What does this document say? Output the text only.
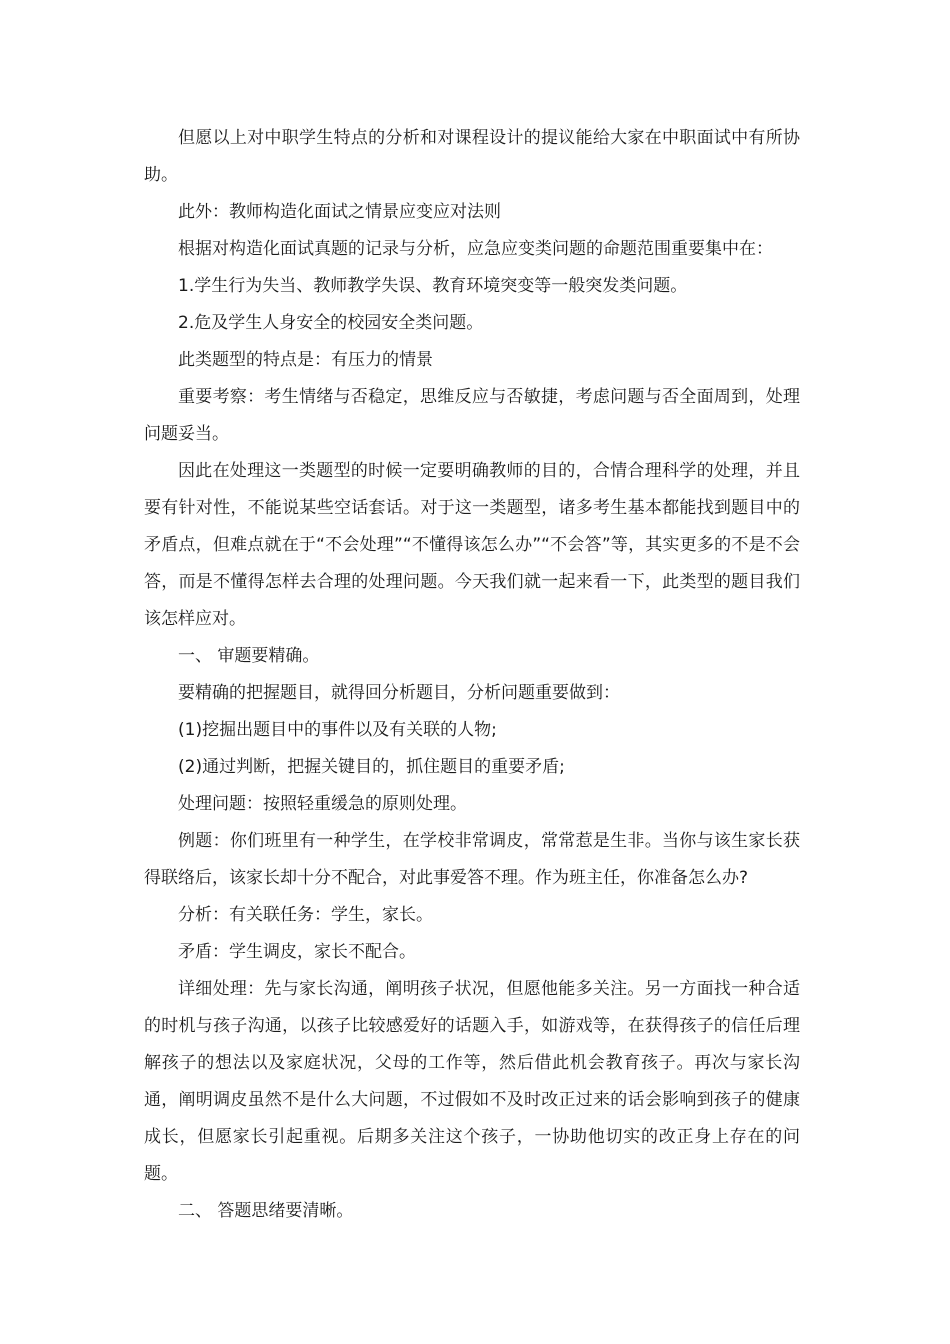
但愿以上对中职学生特点的分析和对课程设计的提议能给大家在中职面试中有所协助。

此外：教师构造化面试之情景应变应对法则

根据对构造化面试真题的记录与分析，应急应变类问题的命题范围重要集中在：

1.学生行为失当、教师教学失误、教育环境突变等一般突发类问题。

2.危及学生人身安全的校园安全类问题。

此类题型的特点是：有压力的情景

重要考察：考生情绪与否稳定，思维反应与否敏捷，考虑问题与否全面周到，处理问题妥当。

因此在处理这一类题型的时候一定要明确教师的目的，合情合理科学的处理，并且要有针对性，不能说某些空话套话。对于这一类题型，诸多考生基本都能找到题目中的矛盾点，但难点就在于“不会处理”“不懂得该怎么办”“不会答”等，其实更多的不是不会答，而是不懂得怎样去合理的处理问题。今天我们就一起来看一下，此类型的题目我们该怎样应对。

一、 审题要精确。

要精确的把握题目，就得回分析题目，分析问题重要做到：

(1)挖掘出题目中的事件以及有关联的人物;

(2)通过判断，把握关键目的，抓住题目的重要矛盾;

处理问题：按照轻重缓急的原则处理。

例题：你们班里有一种学生，在学校非常调皮，常常惹是生非。当你与该生家长获得联络后，该家长却十分不配合，对此事爱答不理。作为班主任，你准备怎么办?

分析：有关联任务：学生，家长。

矛盾：学生调皮，家长不配合。

详细处理：先与家长沟通，阐明孩子状况，但愿他能多关注。另一方面找一种合适的时机与孩子沟通，以孩子比较感爱好的话题入手，如游戏等，在获得孩子的信任后理解孩子的想法以及家庭状况，父母的工作等，然后借此机会教育孩子。再次与家长沟通，阐明调皮虽然不是什么大问题，不过假如不及时改正过来的话会影响到孩子的健康成长，但愿家长引起重视。后期多关注这个孩子，一协助他切实的改正身上存在的问题。

二、 答题思绪要清晰。
